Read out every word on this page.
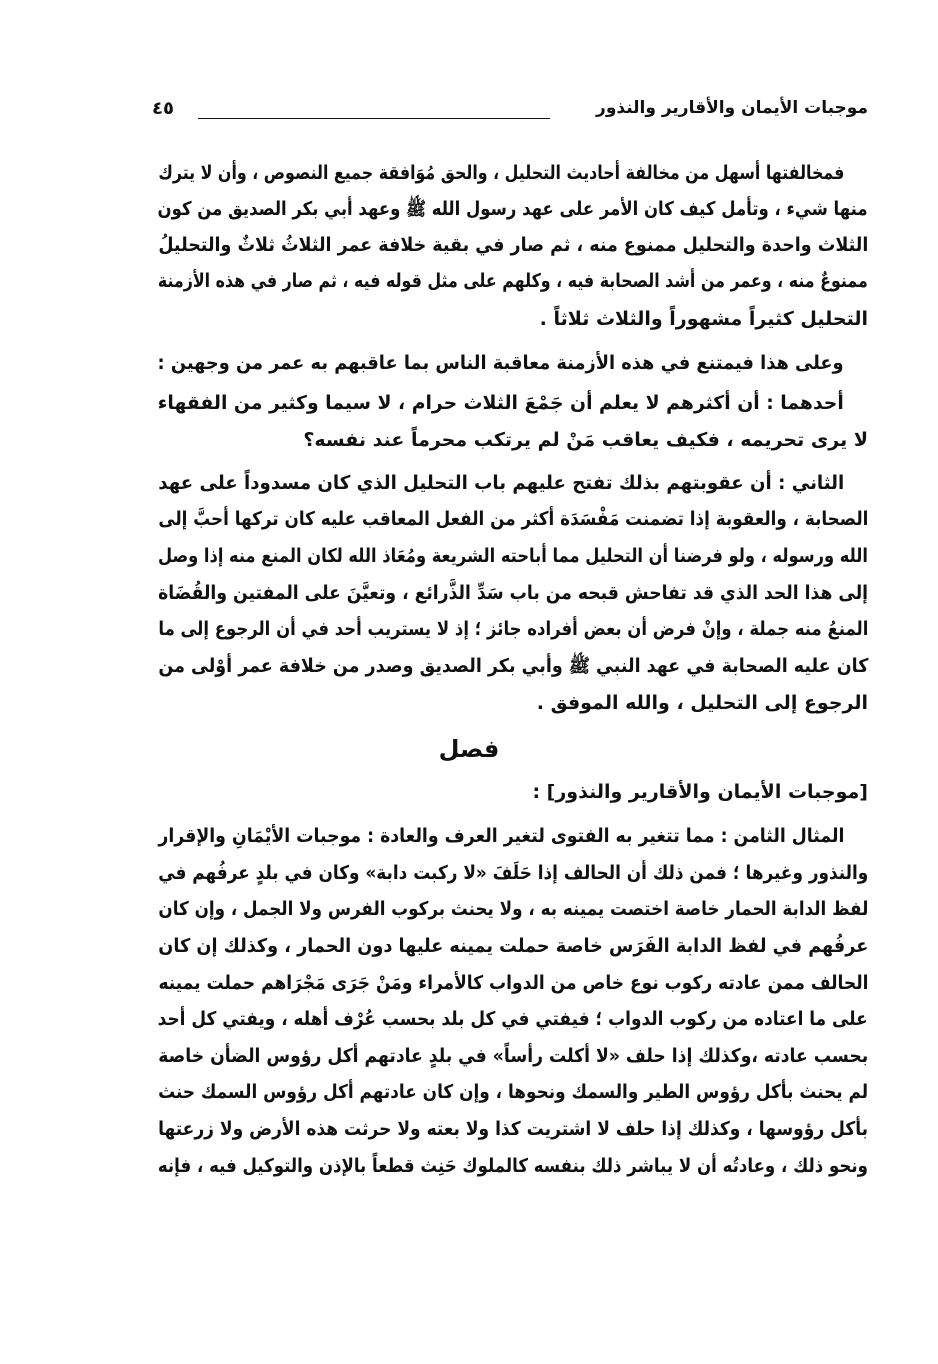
موجبات الأيمان والأقارير والنذور
٤٥
فمخالفتها أسهل من مخالفة أحاديث التحليل ، والحق مُوَافقة جميع النصوص ، وأن لا يترك
منها شيء ، وتأمل كيف كان الأمر على عهد رسول الله ﷺ وعهد أبي بكر الصديق من كون
الثلاث واحدة والتحليل ممنوع منه ، ثم صار في بقية خلافة عمر الثلاثُ ثلاثٌ والتحليلُ
ممنوعٌ منه ، وعمر من أشد الصحابة فيه ، وكلهم على مثل قوله فيه ، ثم صار في هذه الأزمنة
التحليل كثيراً مشهوراً والثلاث ثلاثاً .
وعلى هذا فيمتنع في هذه الأزمنة معاقبة الناس بما عاقبهم به عمر من وجهين :
أحدهما : أن أكثرهم لا يعلم أن جَمْعَ الثلاث حرام ، لا سيما وكثير من الفقهاء
لا يرى تحريمه ، فكيف يعاقب مَنْ لم يرتكب محرماً عند نفسه؟
الثاني : أن عقوبتهم بذلك تفتح عليهم باب التحليل الذي كان مسدوداً على عهد
الصحابة ، والعقوبة إذا تضمنت مَفْسَدَة أكثر من الفعل المعاقب عليه كان تركها أحبَّ إلى
الله ورسوله ، ولو فرضنا أن التحليل مما أباحته الشريعة ومُعَاذ الله لكان المنع منه إذا وصل
إلى هذا الحد الذي قد تفاحش قبحه من باب سَدِّ الذَّرائع ، وتعيَّنَ على المفتين والقُضَاة
المنعُ منه جملة ، وإنْ فرض أن بعض أفراده جائز ؛ إذ لا يستريب أحد في أن الرجوع إلى ما
كان عليه الصحابة في عهد النبي ﷺ وأبي بكر الصديق وصدر من خلافة عمر أوْلى من
الرجوع إلى التحليل ، والله الموفق .
[موجبات الأيمان والأقارير والنذور] :
المثال الثامن : مما تتغير به الفتوى لتغير العرف والعادة : موجبات الأيْمَانِ والإقرار
والنذور وغيرها ؛ فمن ذلك أن الحالف إذا حَلَفَ «لا ركبت دابة» وكان في بلدٍ عرفُهم في
لفظ الدابة الحمار خاصة اختصت يمينه به ، ولا يحنث بركوب الفرس ولا الجمل ، وإن كان
عرفُهم في لفظ الدابة الفَرَس خاصة حملت يمينه عليها دون الحمار ، وكذلك إن كان
الحالف ممن عادته ركوب نوع خاص من الدواب كالأمراء ومَنْ جَرَى مَجْرَاهم حملت يمينه
على ما اعتاده من ركوب الدواب ؛ فيفتي في كل بلد بحسب عُرْف أهله ، ويفتي كل أحد
بحسب عادته ،وكذلك إذا حلف «لا أكلت رأساً» في بلدٍ عادتهم أكل رؤوس الضأن خاصة
لم يحنث بأكل رؤوس الطير والسمك ونحوها ، وإن كان عادتهم أكل رؤوس السمك حنث
بأكل رؤوسها ، وكذلك إذا حلف لا اشتريت كذا ولا بعته ولا حرثت هذه الأرض ولا زرعتها
ونحو ذلك ، وعادتُه أن لا يباشر ذلك بنفسه كالملوك حَنِث قطعاً بالإذن والتوكيل فيه ، فإنه
فصل
